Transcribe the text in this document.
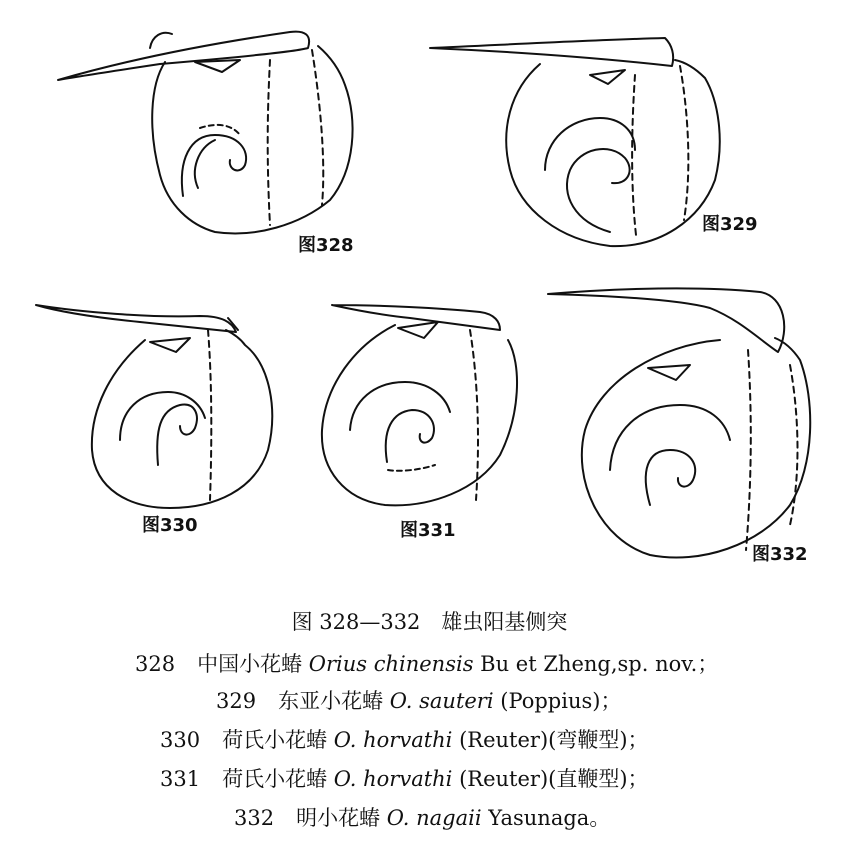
图328
图329
图330	图331
图332
图 328—332　雄虫阳基侧突
328 中国小花蝽 Orius chinensis Bu et Zheng,sp. nov.；
329 东亚小花蝽 O. sauteri (Poppius)；
330 荷氏小花蝽 O. horvathi (Reuter)(弯鞭型)；
331 荷氏小花蝽 O. horvathi (Reuter)(直鞭型)；
332 明小花蝽 O. nagaii Yasunaga。
